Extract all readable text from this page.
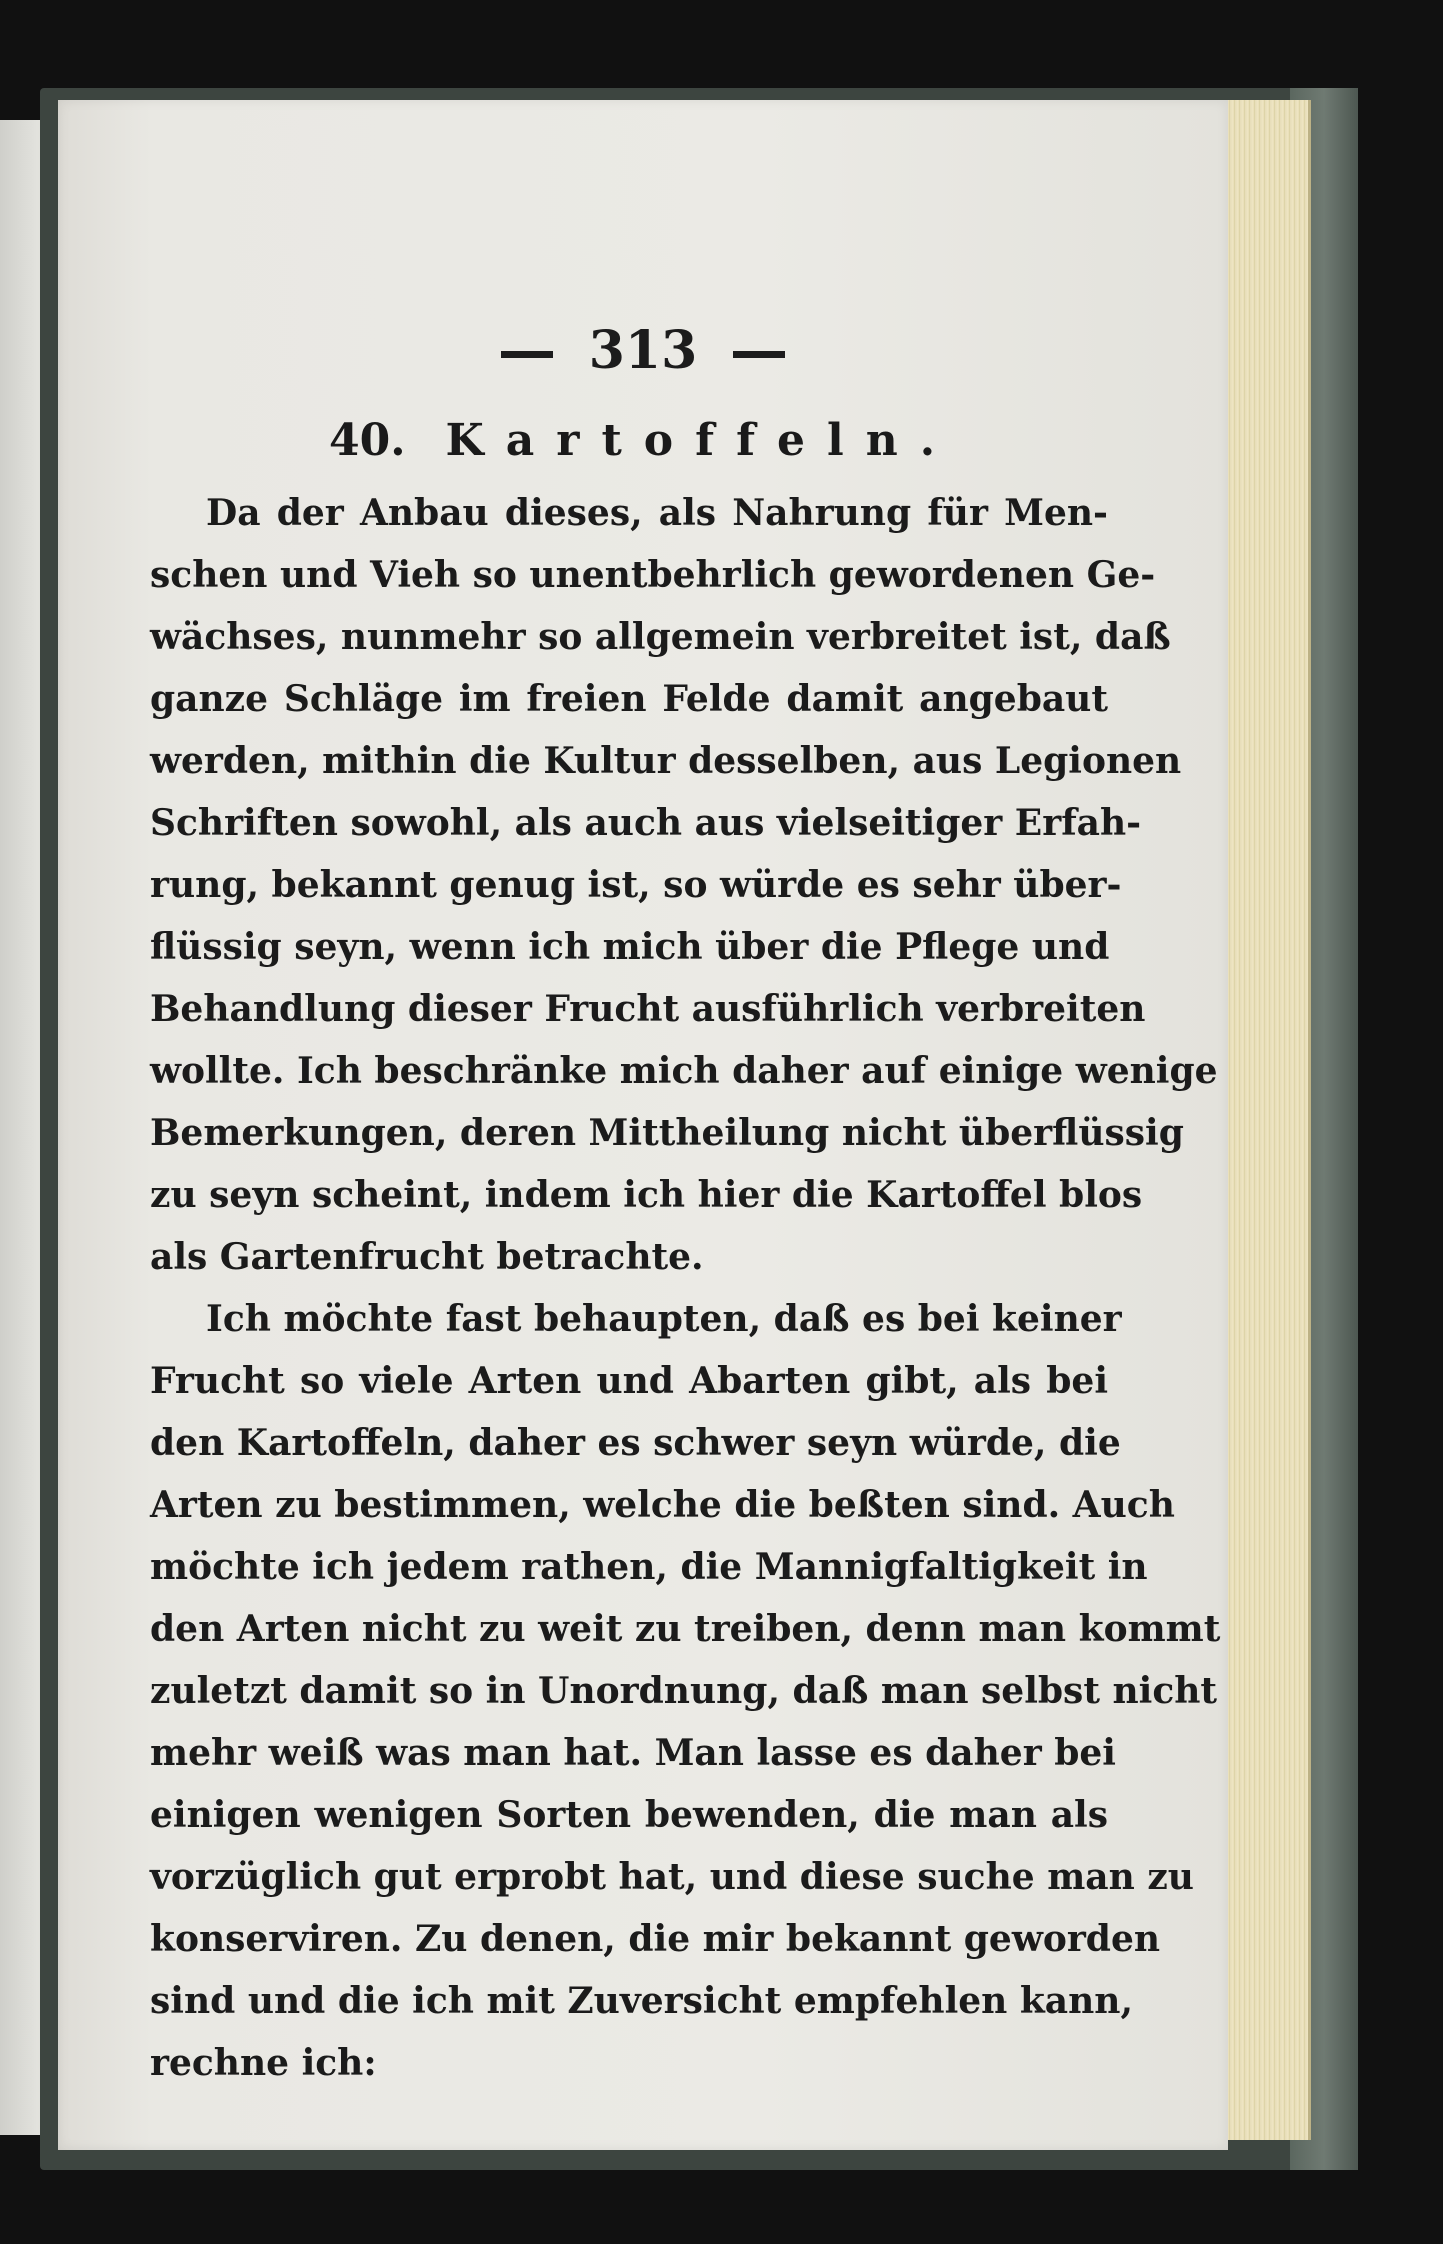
313
40. Kartoffeln.
Da der Anbau dieses, als Nahrung für Men-
schen und Vieh so unentbehrlich gewordenen Ge-
wächses, nunmehr so allgemein verbreitet ist, daß
ganze Schläge im freien Felde damit angebaut
werden, mithin die Kultur desselben, aus Legionen
Schriften sowohl, als auch aus vielseitiger Erfah-
rung, bekannt genug ist, so würde es sehr über-
flüssig seyn, wenn ich mich über die Pflege und
Behandlung dieser Frucht ausführlich verbreiten
wollte. Ich beschränke mich daher auf einige wenige
Bemerkungen, deren Mittheilung nicht überflüssig
zu seyn scheint, indem ich hier die Kartoffel blos
als Gartenfrucht betrachte.
Ich möchte fast behaupten, daß es bei keiner
Frucht so viele Arten und Abarten gibt, als bei
den Kartoffeln, daher es schwer seyn würde, die
Arten zu bestimmen, welche die beßten sind. Auch
möchte ich jedem rathen, die Mannigfaltigkeit in
den Arten nicht zu weit zu treiben, denn man kommt
zuletzt damit so in Unordnung, daß man selbst nicht
mehr weiß was man hat. Man lasse es daher bei
einigen wenigen Sorten bewenden, die man als
vorzüglich gut erprobt hat, und diese suche man zu
konserviren. Zu denen, die mir bekannt geworden
sind und die ich mit Zuversicht empfehlen kann,
rechne ich:
